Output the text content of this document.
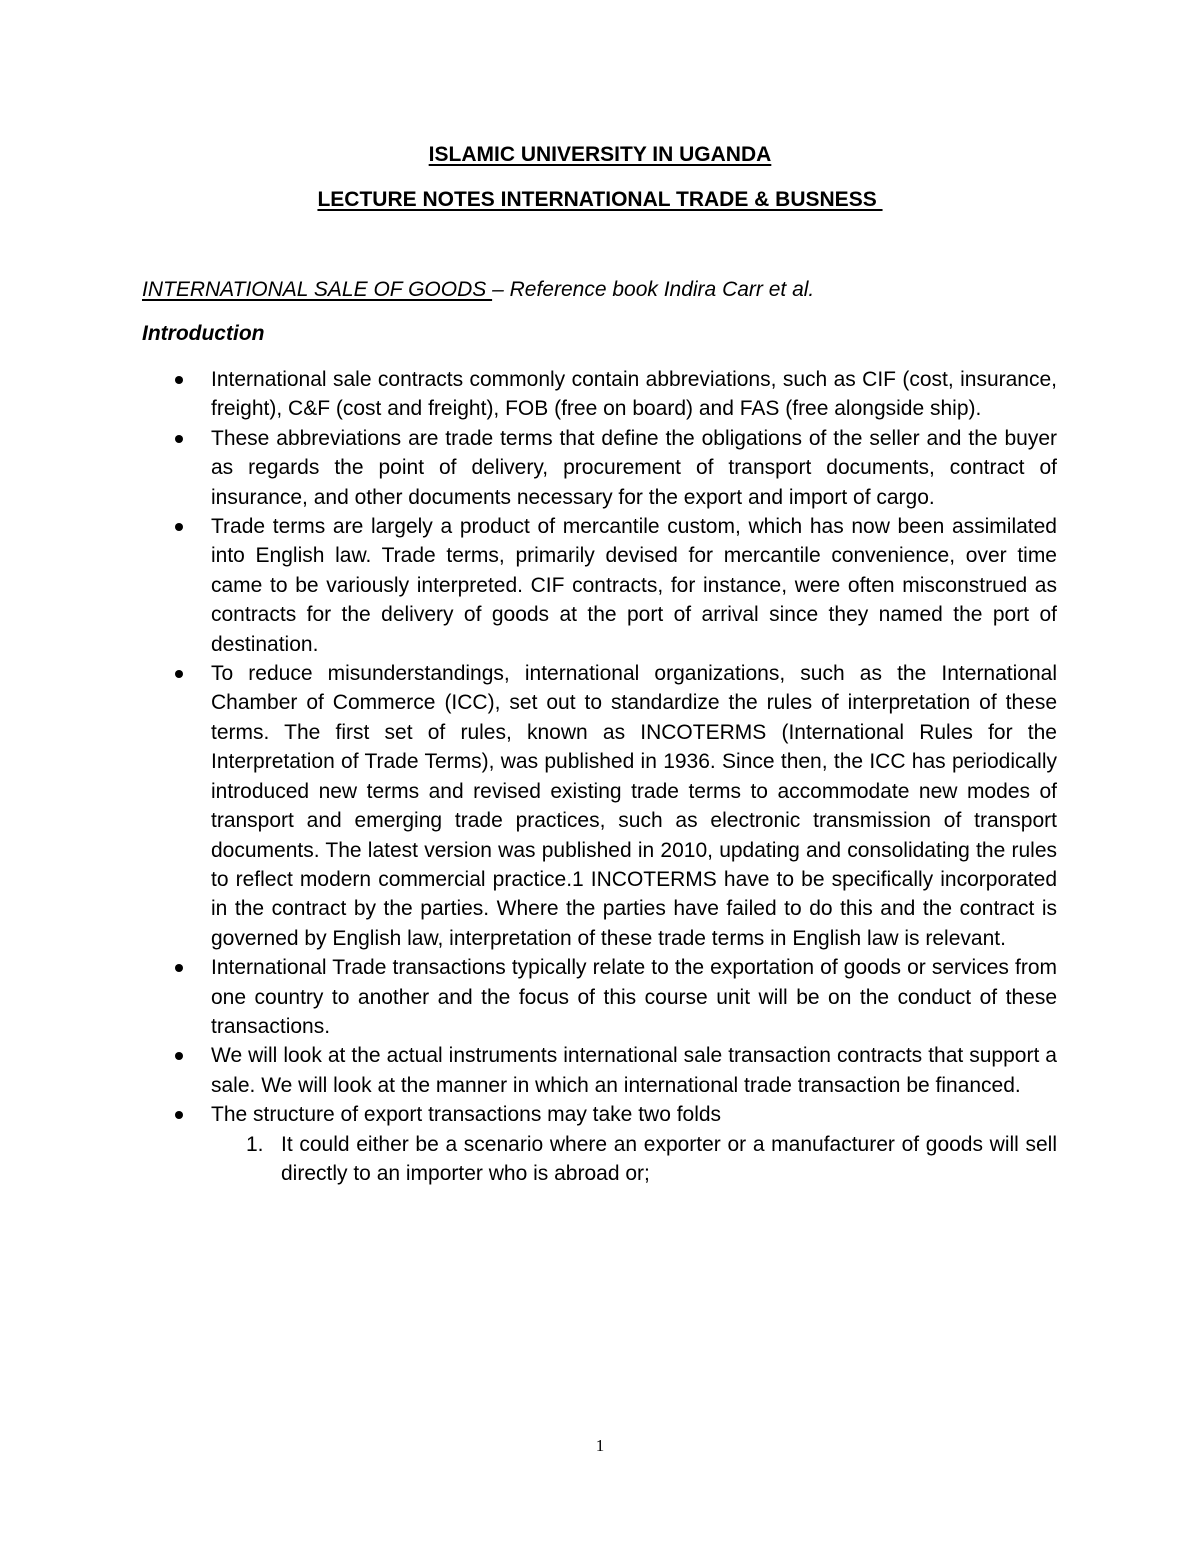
ISLAMIC UNIVERSITY IN UGANDA
LECTURE NOTES INTERNATIONAL TRADE & BUSNESS
INTERNATIONAL SALE OF GOODS – Reference book Indira Carr et al.
Introduction
International sale contracts commonly contain abbreviations, such as CIF (cost, insurance, freight), C&F (cost and freight), FOB (free on board) and FAS (free alongside ship).
These abbreviations are trade terms that define the obligations of the seller and the buyer as regards the point of delivery, procurement of transport documents, contract of insurance, and other documents necessary for the export and import of cargo.
Trade terms are largely a product of mercantile custom, which has now been assimilated into English law. Trade terms, primarily devised for mercantile convenience, over time came to be variously interpreted. CIF contracts, for instance, were often misconstrued as contracts for the delivery of goods at the port of arrival since they named the port of destination.
To reduce misunderstandings, international organizations, such as the International Chamber of Commerce (ICC), set out to standardize the rules of interpretation of these terms. The first set of rules, known as INCOTERMS (International Rules for the Interpretation of Trade Terms), was published in 1936. Since then, the ICC has periodically introduced new terms and revised existing trade terms to accommodate new modes of transport and emerging trade practices, such as electronic transmission of transport documents. The latest version was published in 2010, updating and consolidating the rules to reflect modern commercial practice.1 INCOTERMS have to be specifically incorporated in the contract by the parties. Where the parties have failed to do this and the contract is governed by English law, interpretation of these trade terms in English law is relevant.
International Trade transactions typically relate to the exportation of goods or services from one country to another and the focus of this course unit will be on the conduct of these transactions.
We will look at the actual instruments international sale transaction contracts that support a sale. We will look at the manner in which an international trade transaction be financed.
The structure of export transactions may take two folds
1. It could either be a scenario where an exporter or a manufacturer of goods will sell directly to an importer who is abroad or;
1
